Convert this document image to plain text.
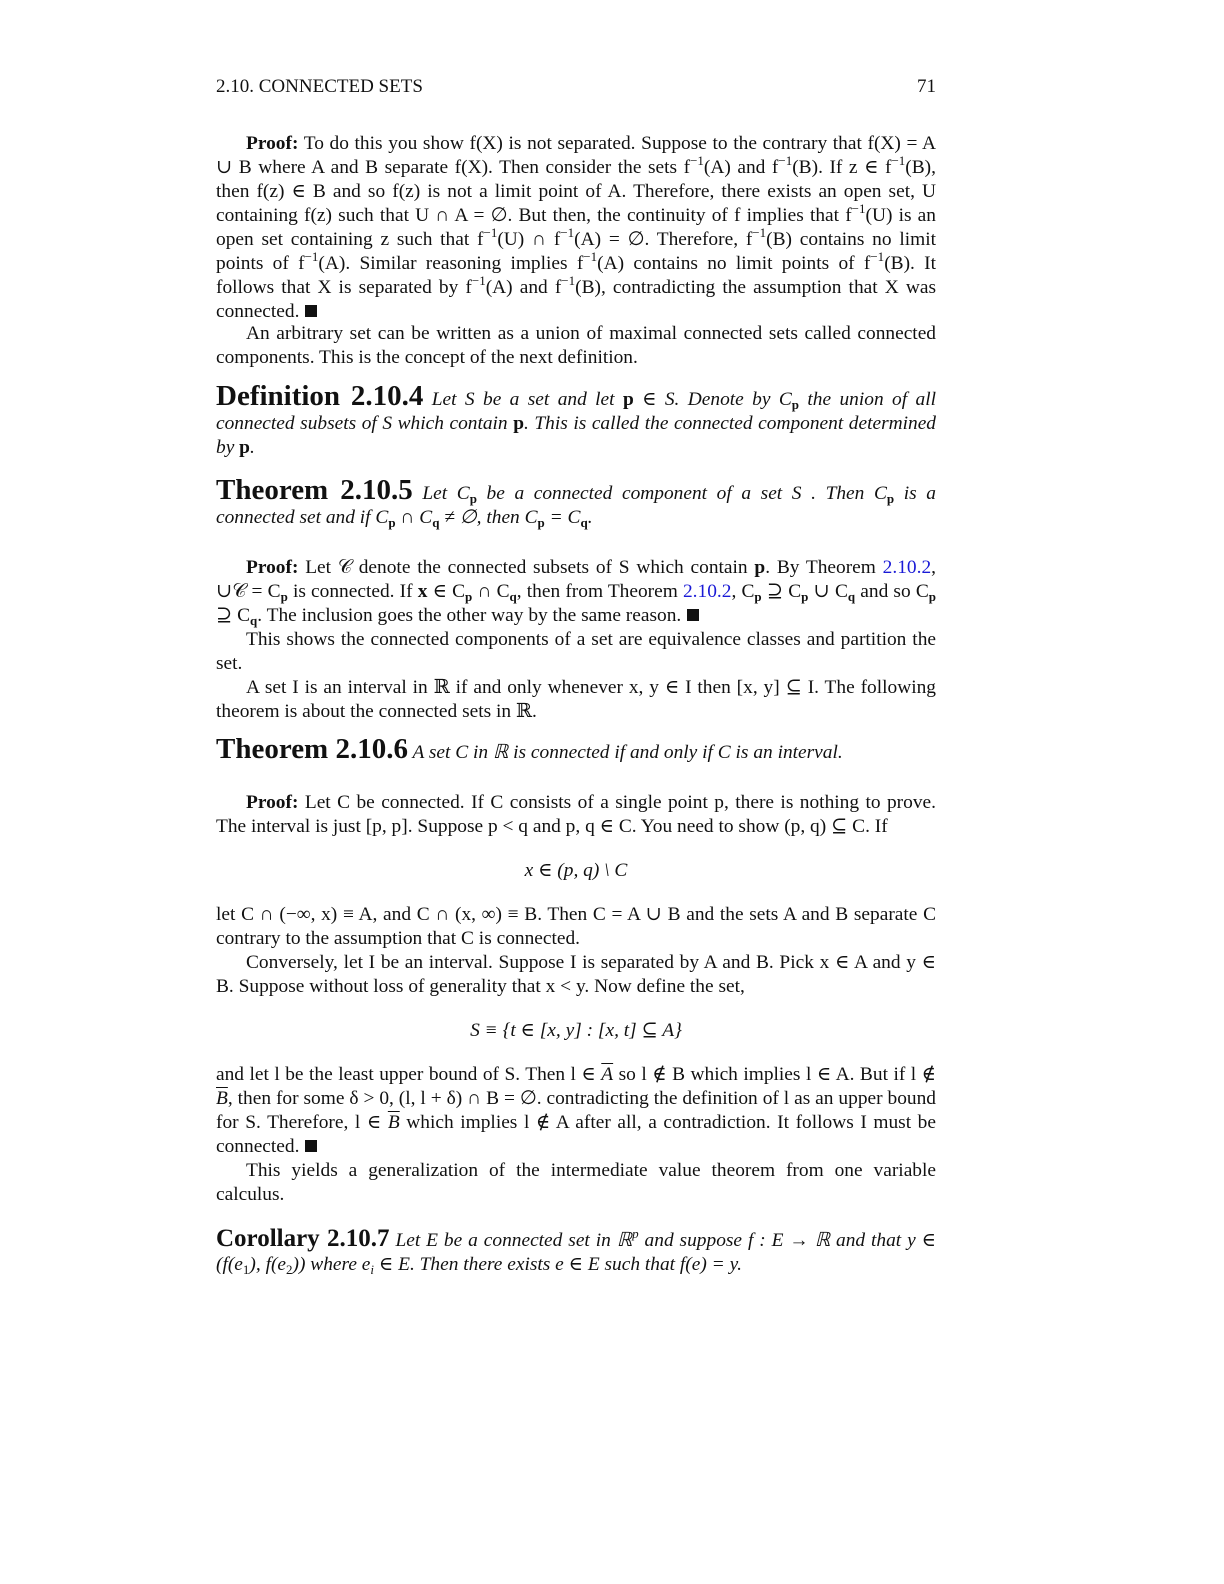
2.10. CONNECTED SETS	71
Proof: To do this you show f(X) is not separated. Suppose to the contrary that f(X) = A ∪ B where A and B separate f(X). Then consider the sets $f^{-1}(A)$ and $f^{-1}(B)$. If z ∈ $f^{-1}(B)$, then f(z) ∈ B and so f(z) is not a limit point of A. Therefore, there exists an open set, U containing f(z) such that U ∩ A = ∅. But then, the continuity of f implies that $f^{-1}(U)$ is an open set containing z such that $f^{-1}(U)$ ∩ $f^{-1}(A)$ = ∅. Therefore, $f^{-1}(B)$ contains no limit points of $f^{-1}(A)$. Similar reasoning implies $f^{-1}(A)$ contains no limit points of $f^{-1}(B)$. It follows that X is separated by $f^{-1}(A)$ and $f^{-1}(B)$, contradicting the assumption that X was connected.
An arbitrary set can be written as a union of maximal connected sets called connected components. This is the concept of the next definition.
Definition 2.10.4 Let S be a set and let p ∈ S. Denote by $C_p$ the union of all connected subsets of S which contain p. This is called the connected component determined by p.
Theorem 2.10.5 Let $C_p$ be a connected component of a set S . Then $C_p$ is a connected set and if $C_p$ ∩ $C_q$ ≠ ∅, then $C_p = C_q$.
Proof: Let 𝒞 denote the connected subsets of S which contain p. By Theorem 2.10.2, ∪𝒞 = $C_p$ is connected. If x ∈ $C_p$ ∩ $C_q$, then from Theorem 2.10.2, $C_p$ ⊇ $C_p$ ∪ $C_q$ and so $C_p$ ⊇ $C_q$. The inclusion goes the other way by the same reason.
This shows the connected components of a set are equivalence classes and partition the set.
A set I is an interval in ℝ if and only whenever x, y ∈ I then [x, y] ⊆ I. The following theorem is about the connected sets in ℝ.
Theorem 2.10.6 A set C in ℝ is connected if and only if C is an interval.
Proof: Let C be connected. If C consists of a single point p, there is nothing to prove. The interval is just [p, p]. Suppose p < q and p, q ∈ C. You need to show (p, q) ⊆ C. If
x ∈ (p, q) \ C
let C ∩ (−∞, x) ≡ A, and C ∩ (x, ∞) ≡ B. Then C = A ∪ B and the sets A and B separate C contrary to the assumption that C is connected.
Conversely, let I be an interval. Suppose I is separated by A and B. Pick x ∈ A and y ∈ B. Suppose without loss of generality that x < y. Now define the set,
S ≡ {t ∈ [x, y] : [x, t] ⊆ A}
and let l be the least upper bound of S. Then l ∈ $\overline{A}$ so l ∉ B which implies l ∈ A. But if l ∉ $\overline{B}$, then for some δ > 0, (l, l + δ) ∩ B = ∅. contradicting the definition of l as an upper bound for S. Therefore, l ∈ $\overline{B}$ which implies l ∉ A after all, a contradiction. It follows I must be connected.
This yields a generalization of the intermediate value theorem from one variable calculus.
Corollary 2.10.7 Let E be a connected set in ℝ$^p$ and suppose f : E → ℝ and that y ∈ ($f(e_1)$, $f(e_2)$) where $e_i$ ∈ E. Then there exists e ∈ E such that f(e) = y.
